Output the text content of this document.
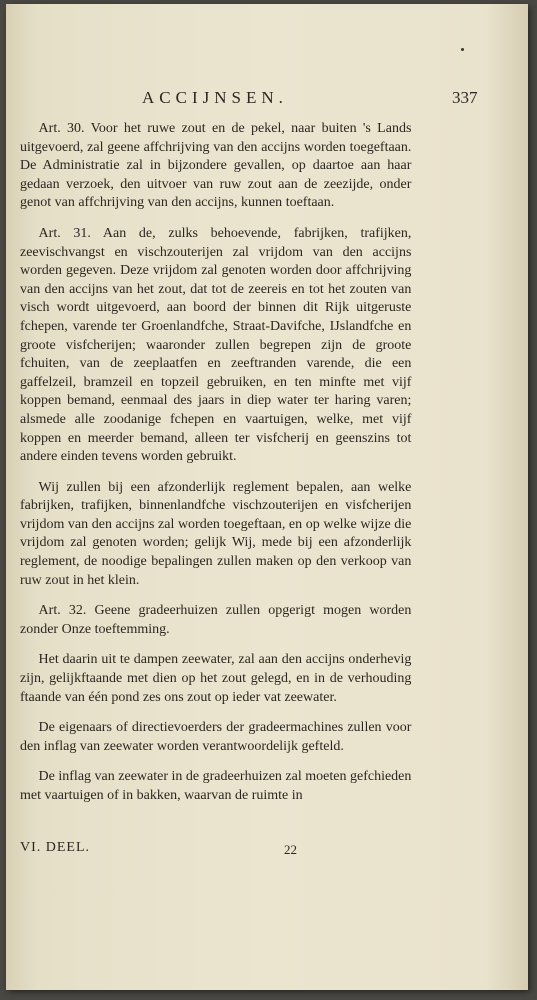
ACCIJNSEN.	337

Art. 30. Voor het ruwe zout en de pekel, naar buiten 's Lands uitgevoerd, zal geene affchrijving van den accijns worden toegeftaan. De Administratie zal in bijzondere gevallen, op daartoe aan haar gedaan verzoek, den uitvoer van ruw zout aan de zeezijde, onder genot van affchrijving van den accijns, kunnen toeftaan.

Art. 31. Aan de, zulks behoevende, fabrijken, trafijken, zeevischvangst en vischzouterijen zal vrijdom van den accijns worden gegeven. Deze vrijdom zal genoten worden door affchrijving van den accijns van het zout, dat tot de zeereis en tot het zouten van visch wordt uitgevoerd, aan boord der binnen dit Rijk uitgeruste fchepen, varende ter Groenlandfche, Straat-Davifche, IJslandfche en groote visfcherijen; waaronder zullen begrepen zijn de groote fchuiten, van de zeeplaatfen en zeeftranden varende, die een gaffelzeil, bramzeil en topzeil gebruiken, en ten minfte met vijf koppen bemand, eenmaal des jaars in diep water ter haring varen; alsmede alle zoodanige fchepen en vaartuigen, welke, met vijf koppen en meerder bemand, alleen ter visfcherij en geenszins tot andere einden tevens worden gebruikt.

Wij zullen bij een afzonderlijk reglement bepalen, aan welke fabrijken, trafijken, binnenlandfche vischzouterijen en visfcherijen vrijdom van den accijns zal worden toegeftaan, en op welke wijze die vrijdom zal genoten worden; gelijk Wij, mede bij een afzonderlijk reglement, de noodige bepalingen zullen maken op den verkoop van ruw zout in het klein.

Art. 32. Geene gradeerhuizen zullen opgerigt mogen worden zonder Onze toeftemming.

Het daarin uit te dampen zeewater, zal aan den accijns onderhevig zijn, gelijkftaande met dien op het zout gelegd, en in de verhouding ftaande van één pond zes ons zout op ieder vat zeewater.

De eigenaars of directievoerders der gradeermachines zullen voor den inflag van zeewater worden verantwoordelijk gefteld.

De inflag van zeewater in de gradeerhuizen zal moeten gefchieden met vaartuigen of in bakken, waarvan de ruimte in

VI. DEEL.	22
